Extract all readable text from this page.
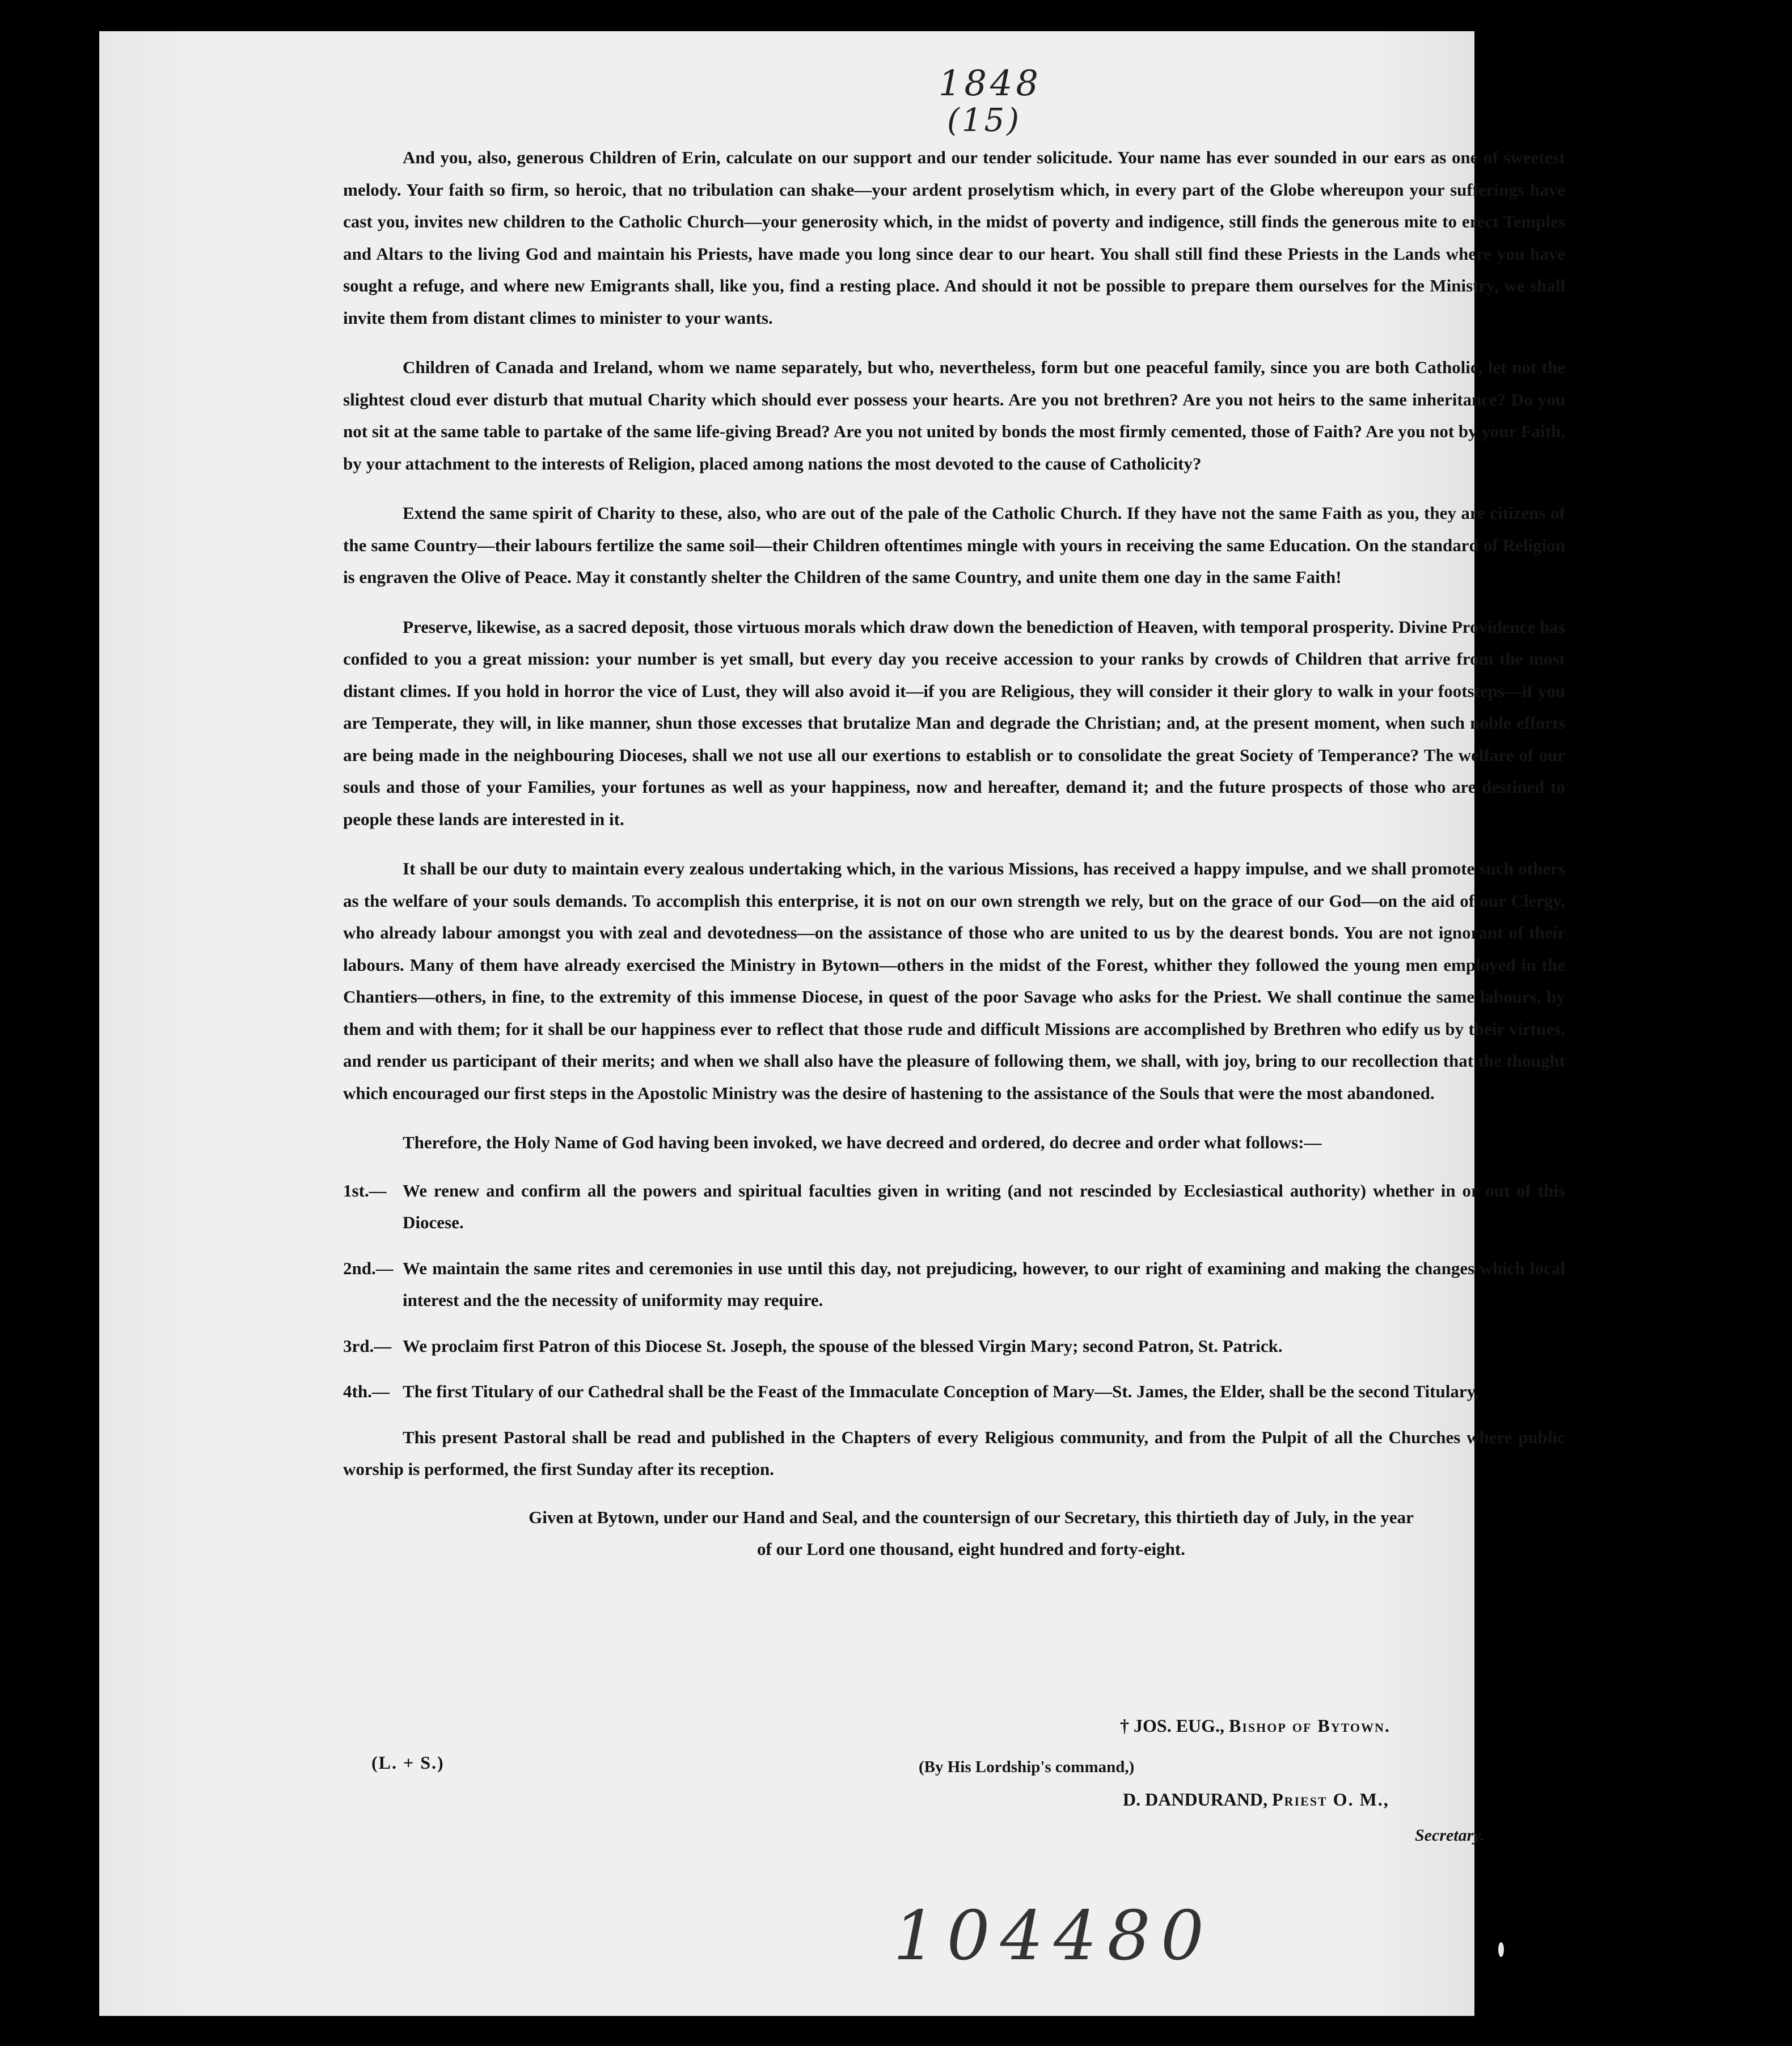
1848
(15)

And you, also, generous Children of Erin, calculate on our support and our tender solicitude. Your name has ever sounded in our ears as one of sweetest melody. Your faith so firm, so heroic, that no tribulation can shake—your ardent proselytism which, in every part of the Globe whereupon your sufferings have cast you, invites new children to the Catholic Church—your generosity which, in the midst of poverty and indigence, still finds the generous mite to erect Temples and Altars to the living God and maintain his Priests, have made you long since dear to our heart. You shall still find these Priests in the Lands where you have sought a refuge, and where new Emigrants shall, like you, find a resting place. And should it not be possible to prepare them ourselves for the Ministry, we shall invite them from distant climes to minister to your wants.

Children of Canada and Ireland, whom we name separately, but who, nevertheless, form but one peaceful family, since you are both Catholic, let not the slightest cloud ever disturb that mutual Charity which should ever possess your hearts. Are you not brethren? Are you not heirs to the same inheritance? Do you not sit at the same table to partake of the same life-giving Bread? Are you not united by bonds the most firmly cemented, those of Faith? Are you not by your Faith, by your attachment to the interests of Religion, placed among nations the most devoted to the cause of Catholicity?

Extend the same spirit of Charity to these, also, who are out of the pale of the Catholic Church. If they have not the same Faith as you, they are citizens of the same Country—their labours fertilize the same soil—their Children oftentimes mingle with yours in receiving the same Education. On the standard of Religion is engraven the Olive of Peace. May it constantly shelter the Children of the same Country, and unite them one day in the same Faith!

Preserve, likewise, as a sacred deposit, those virtuous morals which draw down the benediction of Heaven, with temporal prosperity. Divine Providence has confided to you a great mission: your number is yet small, but every day you receive accession to your ranks by crowds of Children that arrive from the most distant climes. If you hold in horror the vice of Lust, they will also avoid it—if you are Religious, they will consider it their glory to walk in your footsteps—if you are Temperate, they will, in like manner, shun those excesses that brutalize Man and degrade the Christian; and, at the present moment, when such noble efforts are being made in the neighbouring Dioceses, shall we not use all our exertions to establish or to consolidate the great Society of Temperance? The welfare of our souls and those of your Families, your fortunes as well as your happiness, now and hereafter, demand it; and the future prospects of those who are destined to people these lands are interested in it.

It shall be our duty to maintain every zealous undertaking which, in the various Missions, has received a happy impulse, and we shall promote such others as the welfare of your souls demands. To accomplish this enterprise, it is not on our own strength we rely, but on the grace of our God—on the aid of our Clergy, who already labour amongst you with zeal and devotedness—on the assistance of those who are united to us by the dearest bonds. You are not ignorant of their labours. Many of them have already exercised the Ministry in Bytown—others in the midst of the Forest, whither they followed the young men employed in the Chantiers—others, in fine, to the extremity of this immense Diocese, in quest of the poor Savage who asks for the Priest. We shall continue the same labours, by them and with them; for it shall be our happiness ever to reflect that those rude and difficult Missions are accomplished by Brethren who edify us by their virtues, and render us participant of their merits; and when we shall also have the pleasure of following them, we shall, with joy, bring to our recollection that the thought which encouraged our first steps in the Apostolic Ministry was the desire of hastening to the assistance of the Souls that were the most abandoned.

Therefore, the Holy Name of God having been invoked, we have decreed and ordered, do decree and order what follows:—

1st.— We renew and confirm all the powers and spiritual faculties given in writing (and not rescinded by Ecclesiastical authority) whether in or out of this Diocese.
2nd.— We maintain the same rites and ceremonies in use until this day, not prejudicing, however, to our right of examining and making the changes which local interest and the the necessity of uniformity may require.
3rd.— We proclaim first Patron of this Diocese St. Joseph, the spouse of the blessed Virgin Mary; second Patron, St. Patrick.
4th.— The first Titulary of our Cathedral shall be the Feast of the Immaculate Conception of Mary—St. James, the Elder, shall be the second Titulary,

This present Pastoral shall be read and published in the Chapters of every Religious community, and from the Pulpit of all the Churches where public worship is performed, the first Sunday after its reception.

Given at Bytown, under our Hand and Seal, and the countersign of our Secretary, this thirtieth day of July, in the year
of our Lord one thousand, eight hundred and forty-eight.
† JOS. EUG., Bishop of Bytown.
(L. + S.)	(By His Lordship's command,)
D. DANDURAND, Priest O. M.,
Secretary.
104480
